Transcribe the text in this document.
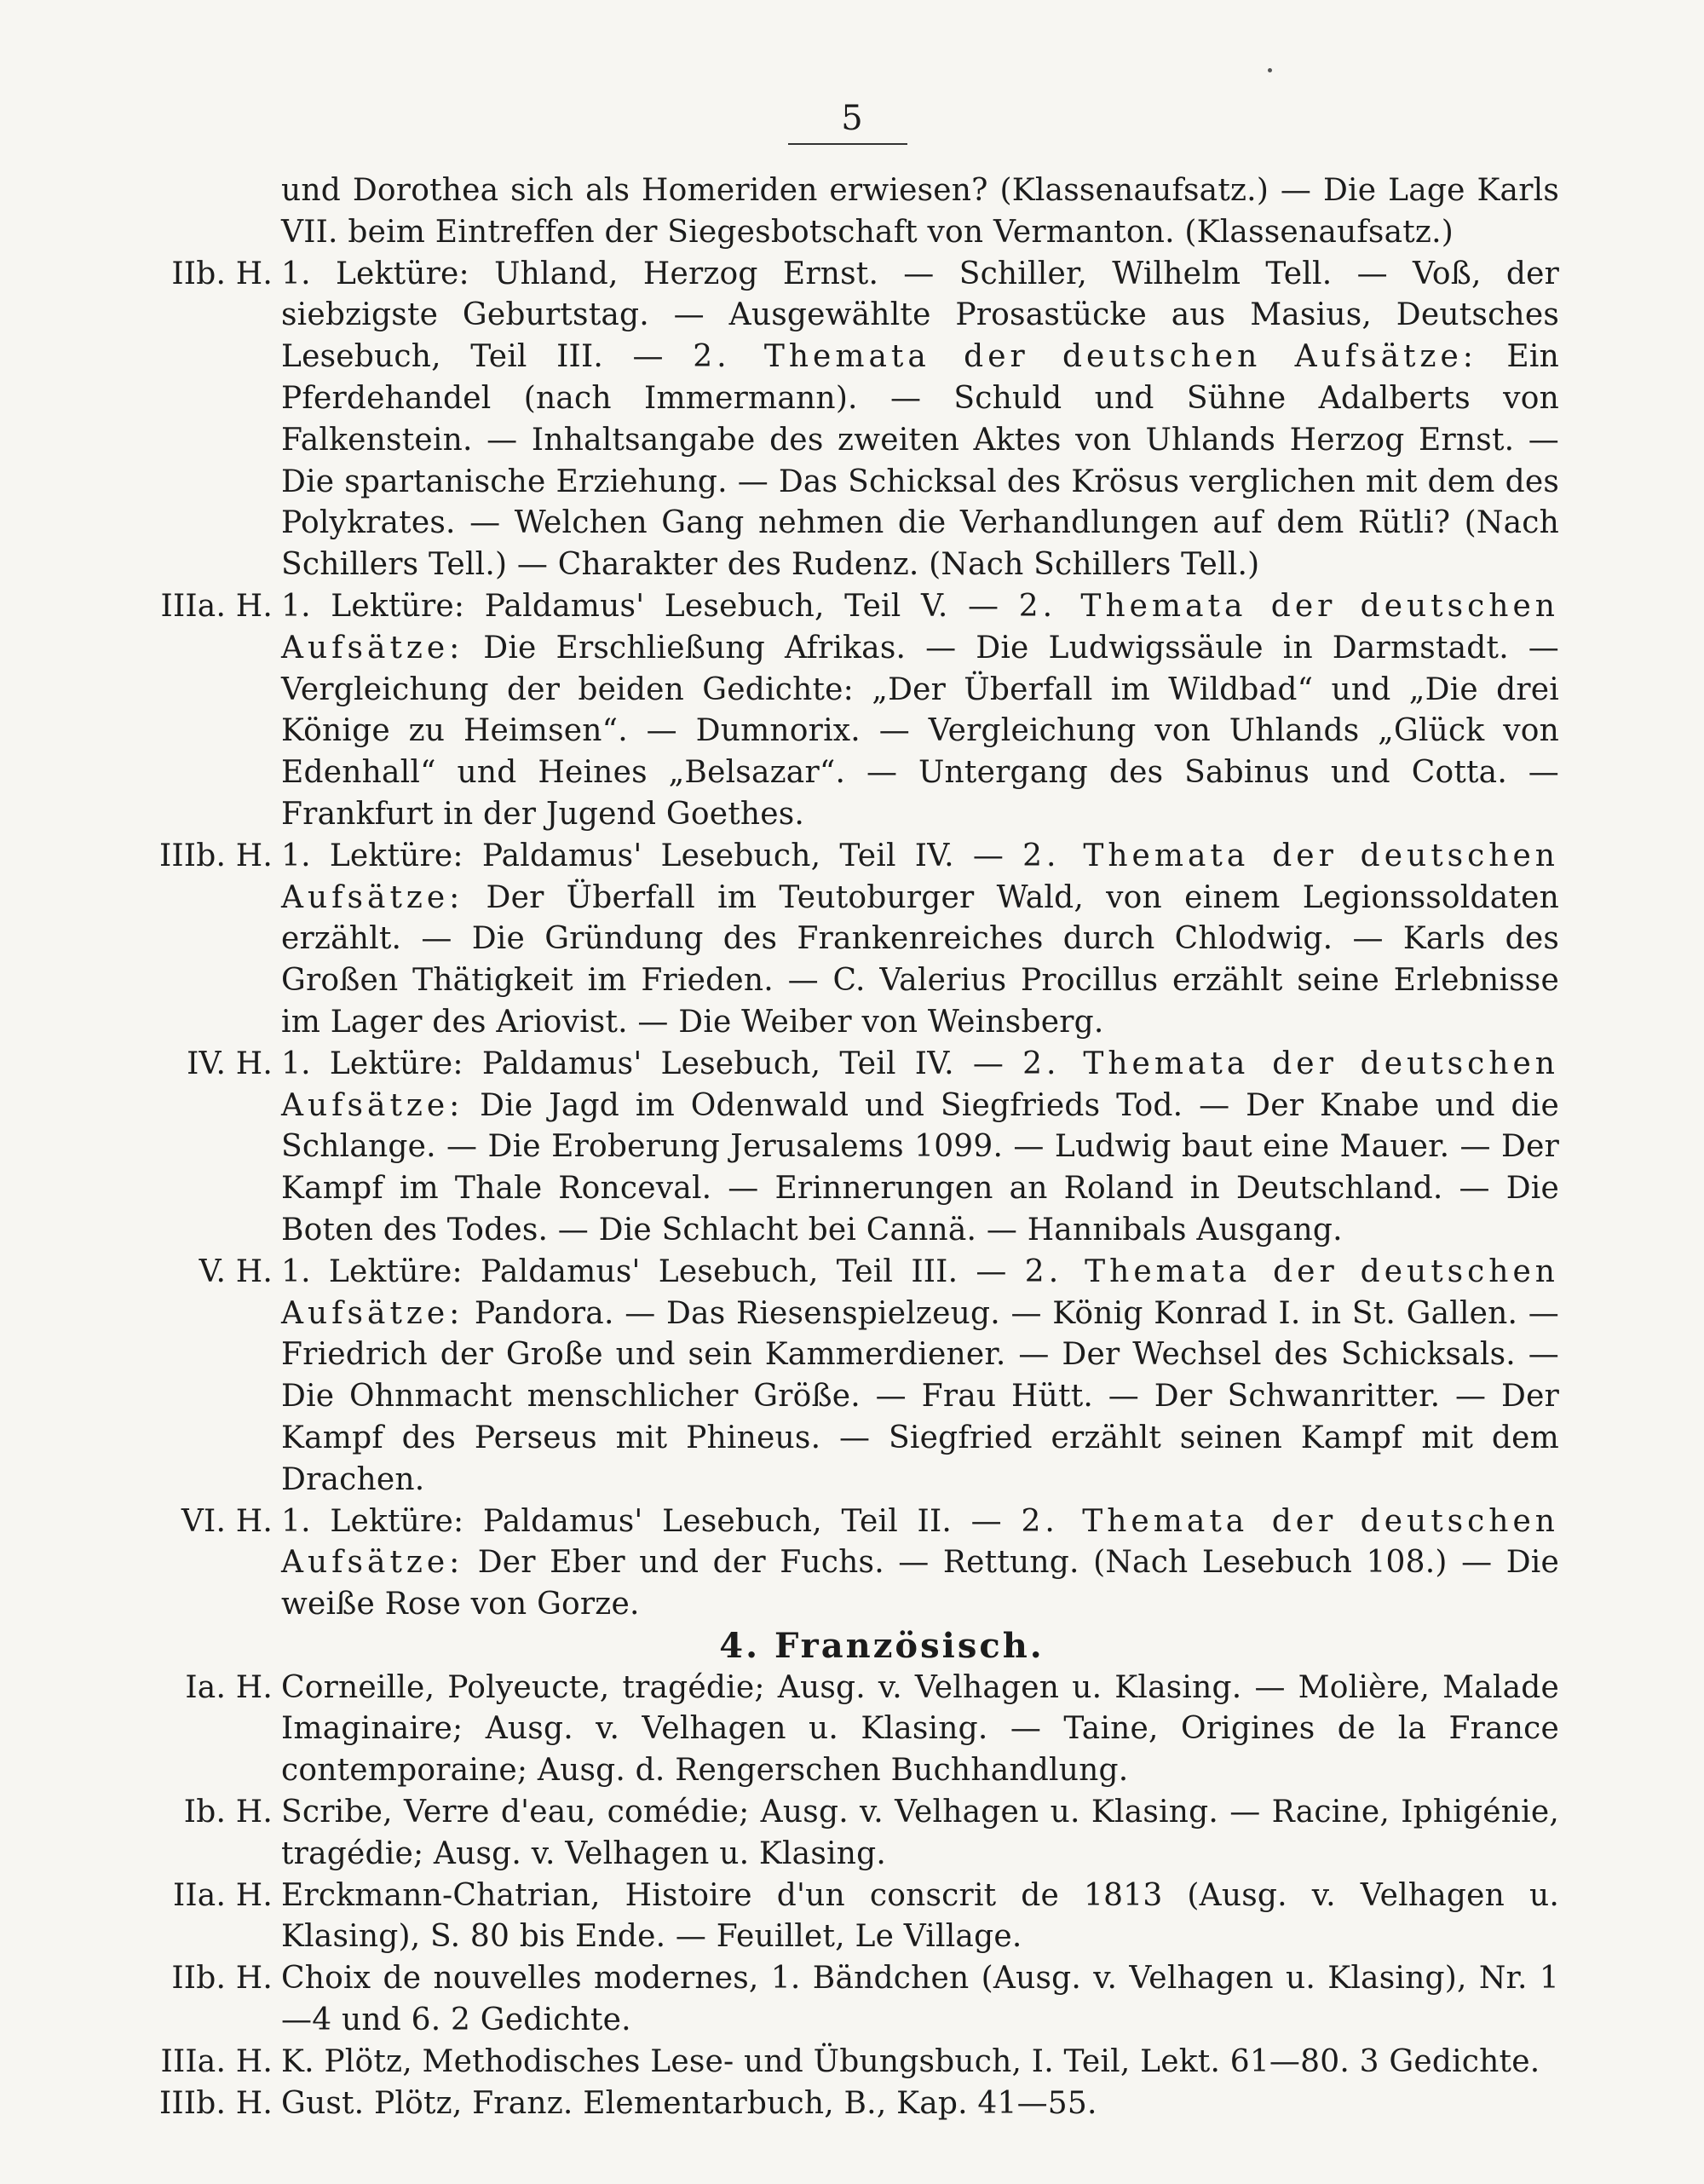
5
und Dorothea sich als Homeriden erwiesen? (Klassenaufsatz.) — Die Lage Karls VII. beim Eintreffen der Siegesbotschaft von Vermanton. (Klassenaufsatz.)
IIb. H. 1. Lektüre: Uhland, Herzog Ernst. — Schiller, Wilhelm Tell. — Voß, der siebzigste Geburtstag. — Ausgewählte Prosastücke aus Masius, Deutsches Lesebuch, Teil III. — 2. Themata der deutschen Aufsätze: Ein Pferdehandel (nach Immermann). — Schuld und Sühne Adalberts von Falkenstein. — Inhaltsangabe des zweiten Aktes von Uhlands Herzog Ernst. — Die spartanische Erziehung. — Das Schicksal des Krösus verglichen mit dem des Polykrates. — Welchen Gang nehmen die Verhandlungen auf dem Rütli? (Nach Schillers Tell.) — Charakter des Rudenz. (Nach Schillers Tell.)
IIIa. H. 1. Lektüre: Paldamus' Lesebuch, Teil V. — 2. Themata der deutschen Aufsätze: Die Erschließung Afrikas. — Die Ludwigssäule in Darmstadt. — Vergleichung der beiden Gedichte: „Der Überfall im Wildbad“ und „Die drei Könige zu Heimsen“. — Dumnorix. — Vergleichung von Uhlands „Glück von Edenhall“ und Heines „Belsazar“. — Untergang des Sabinus und Cotta. — Frankfurt in der Jugend Goethes.
IIIb. H. 1. Lektüre: Paldamus' Lesebuch, Teil IV. — 2. Themata der deutschen Aufsätze: Der Überfall im Teutoburger Wald, von einem Legionssoldaten erzählt. — Die Gründung des Frankenreiches durch Chlodwig. — Karls des Großen Thätigkeit im Frieden. — C. Valerius Procillus erzählt seine Erlebnisse im Lager des Ariovist. — Die Weiber von Weinsberg.
IV. H. 1. Lektüre: Paldamus' Lesebuch, Teil IV. — 2. Themata der deutschen Aufsätze: Die Jagd im Odenwald und Siegfrieds Tod. — Der Knabe und die Schlange. — Die Eroberung Jerusalems 1099. — Ludwig baut eine Mauer. — Der Kampf im Thale Ronceval. — Erinnerungen an Roland in Deutschland. — Die Boten des Todes. — Die Schlacht bei Cannä. — Hannibals Ausgang.
V. H. 1. Lektüre: Paldamus' Lesebuch, Teil III. — 2. Themata der deutschen Aufsätze: Pandora. — Das Riesenspielzeug. — König Konrad I. in St. Gallen. — Friedrich der Große und sein Kammerdiener. — Der Wechsel des Schicksals. — Die Ohnmacht menschlicher Größe. — Frau Hütt. — Der Schwanritter. — Der Kampf des Perseus mit Phineus. — Siegfried erzählt seinen Kampf mit dem Drachen.
VI. H. 1. Lektüre: Paldamus' Lesebuch, Teil II. — 2. Themata der deutschen Aufsätze: Der Eber und der Fuchs. — Rettung. (Nach Lesebuch 108.) — Die weiße Rose von Gorze.
4. Französisch.
Ia. H. Corneille, Polyeucte, tragédie; Ausg. v. Velhagen u. Klasing. — Molière, Malade Imaginaire; Ausg. v. Velhagen u. Klasing. — Taine, Origines de la France contemporaine; Ausg. d. Rengerschen Buchhandlung.
Ib. H. Scribe, Verre d'eau, comédie; Ausg. v. Velhagen u. Klasing. — Racine, Iphigénie, tragédie; Ausg. v. Velhagen u. Klasing.
IIa. H. Erckmann-Chatrian, Histoire d'un conscrit de 1813 (Ausg. v. Velhagen u. Klasing), S. 80 bis Ende. — Feuillet, Le Village.
IIb. H. Choix de nouvelles modernes, 1. Bändchen (Ausg. v. Velhagen u. Klasing), Nr. 1—4 und 6. 2 Gedichte.
IIIa. H. K. Plötz, Methodisches Lese- und Übungsbuch, I. Teil, Lekt. 61—80. 3 Gedichte.
IIIb. H. Gust. Plötz, Franz. Elementarbuch, B., Kap. 41—55.
